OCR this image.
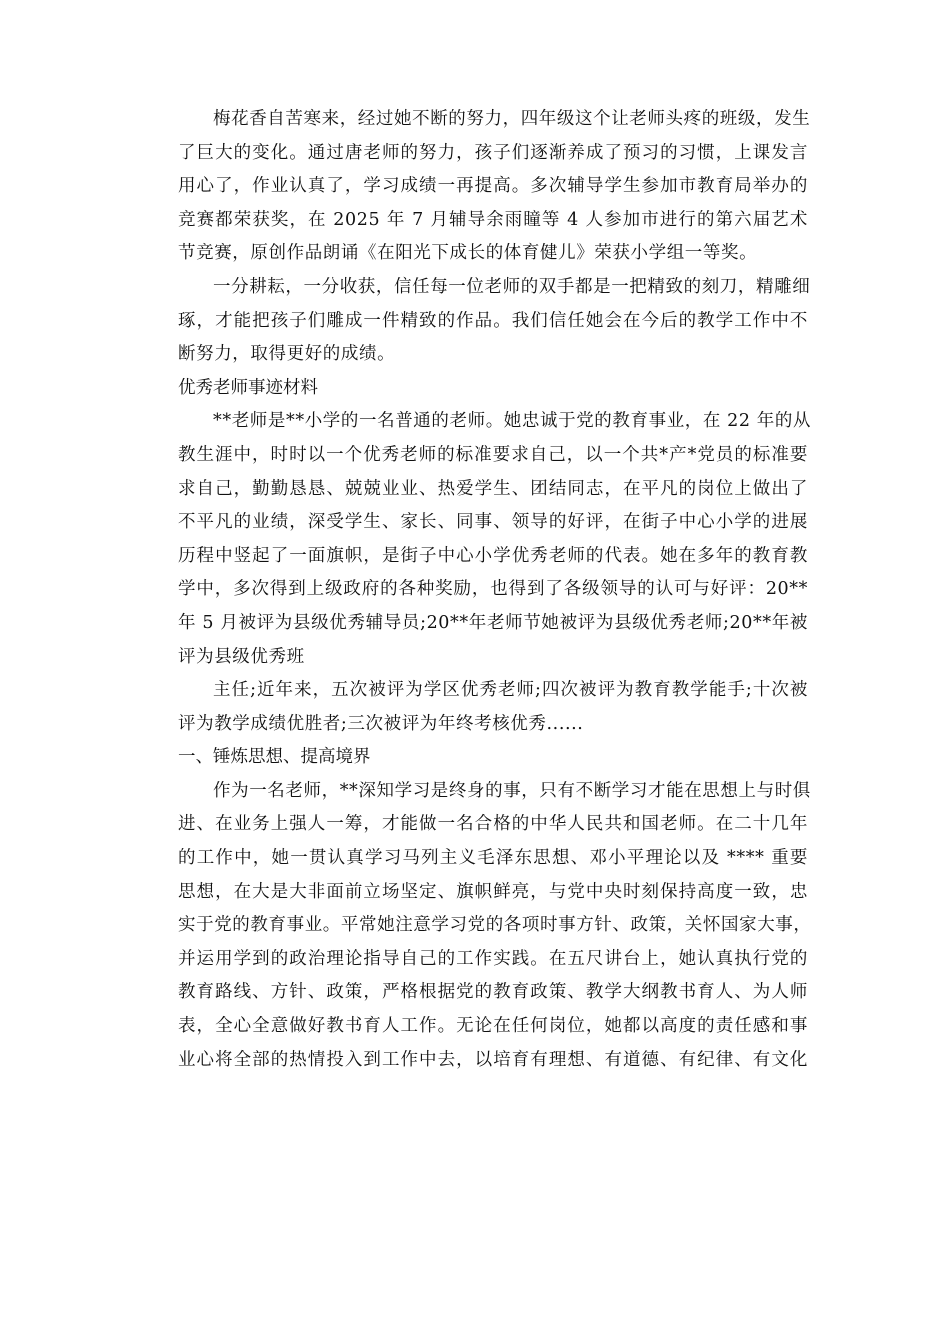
梅花香自苦寒来，经过她不断的努力，四年级这个让老师头疼的班级，发生
了巨大的变化。通过唐老师的努力，孩子们逐渐养成了预习的习惯，上课发言
用心了，作业认真了，学习成绩一再提高。多次辅导学生参加市教育局举办的
竞赛都荣获奖，在 2025 年 7 月辅导余雨瞳等 4 人参加市进行的第六届艺术
节竞赛，原创作品朗诵《在阳光下成长的体育健儿》荣获小学组一等奖。
一分耕耘，一分收获，信任每一位老师的双手都是一把精致的刻刀，精雕细
琢，才能把孩子们雕成一件精致的作品。我们信任她会在今后的教学工作中不
断努力，取得更好的成绩。
优秀老师事迹材料
**老师是**小学的一名普通的老师。她忠诚于党的教育事业，在 22 年的从
教生涯中，时时以一个优秀老师的标准要求自己，以一个共*产*党员的标准要
求自己，勤勤恳恳、兢兢业业、热爱学生、团结同志，在平凡的岗位上做出了
不平凡的业绩，深受学生、家长、同事、领导的好评，在街子中心小学的进展
历程中竖起了一面旗帜，是街子中心小学优秀老师的代表。她在多年的教育教
学中，多次得到上级政府的各种奖励，也得到了各级领导的认可与好评：20**
年 5 月被评为县级优秀辅导员;20**年老师节她被评为县级优秀老师;20**年被
评为县级优秀班
主任;近年来，五次被评为学区优秀老师;四次被评为教育教学能手;十次被
评为教学成绩优胜者;三次被评为年终考核优秀......
一、锤炼思想、提高境界
作为一名老师，**深知学习是终身的事，只有不断学习才能在思想上与时俱
进、在业务上强人一筹，才能做一名合格的中华人民共和国老师。在二十几年
的工作中，她一贯认真学习马列主义毛泽东思想、邓小平理论以及 **** 重要
思想，在大是大非面前立场坚定、旗帜鲜亮，与党中央时刻保持高度一致，忠
实于党的教育事业。平常她注意学习党的各项时事方针、政策，关怀国家大事，
并运用学到的政治理论指导自己的工作实践。在五尺讲台上，她认真执行党的
教育路线、方针、政策，严格根据党的教育政策、教学大纲教书育人、为人师
表，全心全意做好教书育人工作。无论在任何岗位，她都以高度的责任感和事
业心将全部的热情投入到工作中去，以培育有理想、有道德、有纪律、有文化
